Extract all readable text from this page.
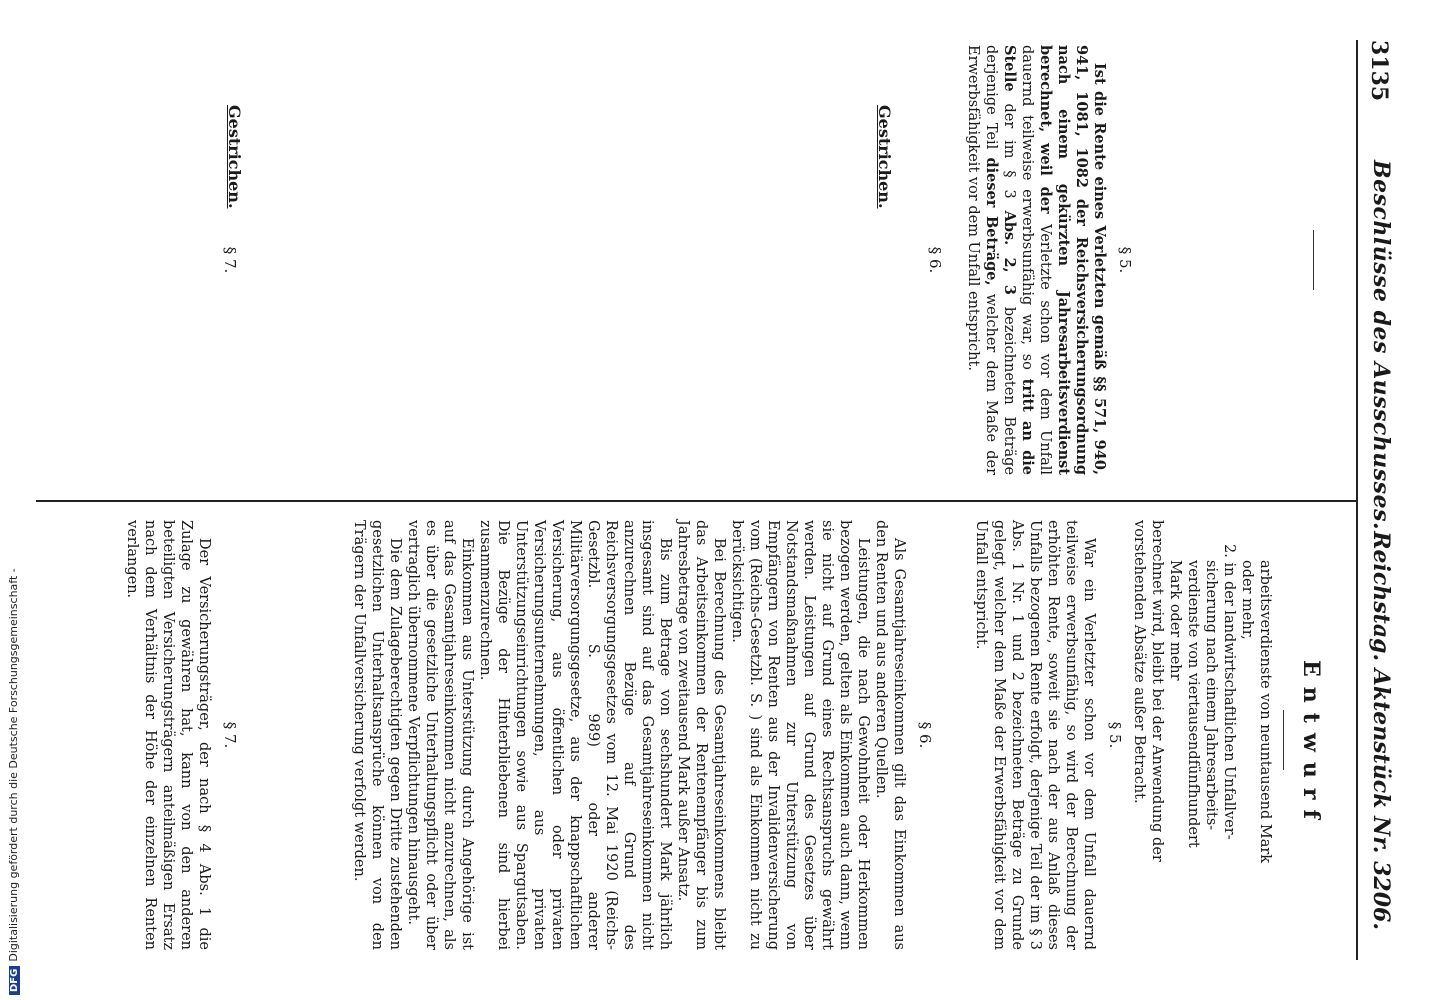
3135
Beschlüsse des Ausschusses.
Reichstag. Aktenstück Nr. 3206.
Entwurf

arbeitsverdienste von neuntausend Mark

oder mehr,

2. in der landwirtschaftlichen Unfallver-

sicherung nach einem Jahresarbeits-

verdienste von viertausendfünfhundert

Mark oder mehr

berechnet wird, bleibt bei der Anwendung der

vorstehenden Absätze außer Betracht.

§ 5.

War ein Verletzter schon vor dem Unfall dauernd teilweise erwerbsunfähig, so wird der Berechnung der erhöhten Rente, soweit sie nach der aus Anlaß dieses Unfalls bezogenen Rente erfolgt, derjenige Teil der im § 3 Abs. 1 Nr. 1 und 2 bezeichneten Beträge zu Grunde gelegt, welcher dem Maße der Erwerbsfähigkeit vor dem Unfall entspricht.

§ 6.

Als Gesamtjahreseinkommen gilt das Einkommen aus den Renten und aus anderen Quellen.

Leistungen, die nach Gewohnheit oder Herkommen bezogen werden, gelten als Einkommen auch dann, wenn sie nicht auf Grund eines Rechtsanspruchs gewährt werden. Leistungen auf Grund des Gesetzes über Notstandsmaßnahmen zur Unterstützung von Empfängern von Renten aus der Invalidenversicherung vom (Reichs-Gesetzbl. S. ) sind als Einkommen nicht zu berücksichtigen.

Bei Berechnung des Gesamtjahreseinkommens bleibt das Arbeitseinkommen der Rentenempfänger bis zum Jahresbetrage von zweitausend Mark außer Ansatz.

Bis zum Betrage von sechshundert Mark jährlich insgesamt sind auf das Gesamtjahreseinkommen nicht anzurechnen Bezüge auf Grund des Reichsversorgungsgesetzes vom 12. Mai 1920 (Reichs-Gesetzbl. S. 989) oder anderer Militärversorgungsgesetze, aus der knappschaftlichen Versicherung, aus öffentlichen oder privaten Versicherungsunternehmungen, aus privaten Unterstützungseinrichtungen sowie aus Spargutsaben. Die Bezüge der Hinterbliebenen sind hierbei zusammenzurechnen.

Einkommen aus Unterstützung durch Angehörige ist auf das Gesamtjahreseinkommen nicht anzurechnen, als es über die gesetzliche Unterhaltungspflicht oder über vertraglich übernommene Verpflichtungen hinausgeht.

Die dem Zulageberechtigten gegen Dritte zustehenden gesetzlichen Unterhaltsansprüche können von den Trägern der Unfallversicherung verfolgt werden.

§ 7.

Der Versicherungsträger, der nach § 4 Abs. 1 die Zulage zu gewähren hat, kann von den anderen beteiligten Versicherungsträgern anteilmäßigen Ersatz nach dem Verhältnis der Höhe der einzelnen Renten verlangen.

§ 5.

Ist die Rente eines Verletzten gemäß §§ 571, 940, 941, 1081, 1082 der Reichsversicherungsordnung nach einem gekürzten Jahresarbeitsverdienst berechnet, weil der Verletzte schon vor dem Unfall dauernd teilweise erwerbsunfähig war, so tritt an die Stelle der im § 3 Abs. 2, 3 bezeichneten Beträge derjenige Teil dieser Beträge, welcher dem Maße der Erwerbsfähigkeit vor dem Unfall entspricht.

Gestrichen.
§ 6.
§ 7.
Gestrichen.
DFGDigitalisierung gefördert durch die Deutsche Forschungsgemeinschaft -
